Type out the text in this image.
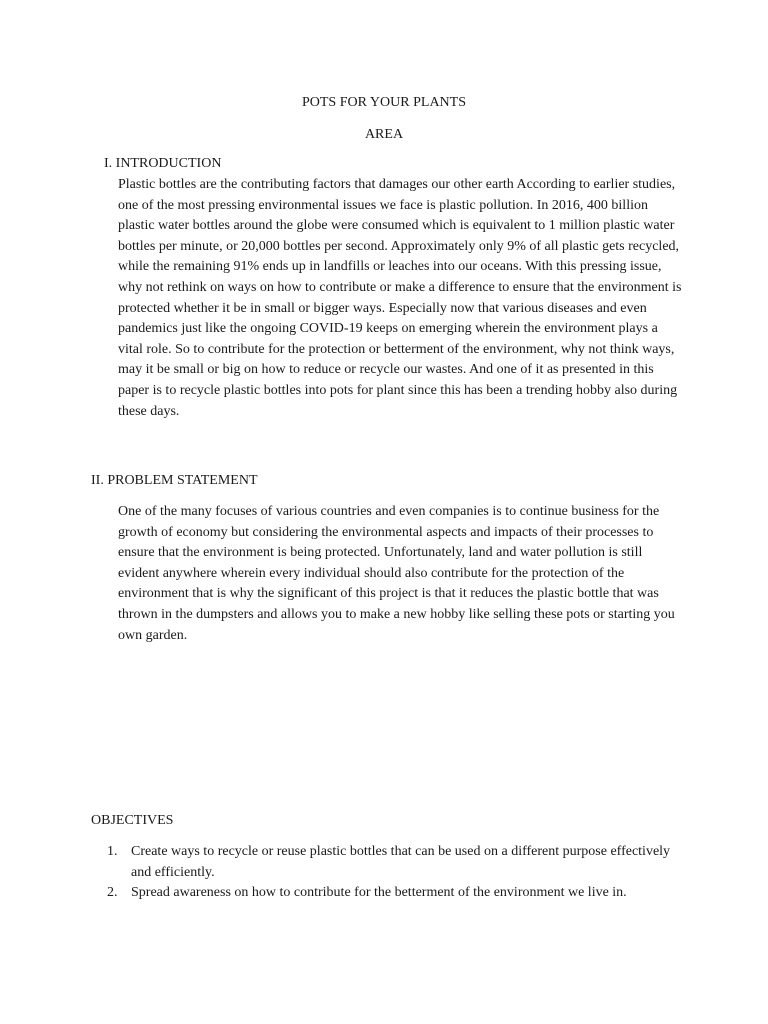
POTS FOR YOUR PLANTS
AREA
I. INTRODUCTION

Plastic bottles are the contributing factors that damages our other earth According to earlier studies, one of the most pressing environmental issues we face is plastic pollution. In 2016, 400 billion plastic water bottles around the globe were consumed which is equivalent to 1 million plastic water bottles per minute, or 20,000 bottles per second. Approximately only 9% of all plastic gets recycled, while the remaining 91% ends up in landfills or leaches into our oceans. With this pressing issue, why not rethink on ways on how to contribute or make a difference to ensure that the environment is protected whether it be in small or bigger ways. Especially now that various diseases and even pandemics just like the ongoing COVID-19 keeps on emerging wherein the environment plays a vital role. So to contribute for the protection or betterment of the environment, why not think ways, may it be small or big on how to reduce or recycle our wastes. And one of it as presented in this paper is to recycle plastic bottles into pots for plant since this has been a trending hobby also during these days.

II. PROBLEM STATEMENT

One of the many focuses of various countries and even companies is to continue business for the growth of economy but considering the environmental aspects and impacts of their processes to ensure that the environment is being protected. Unfortunately, land and water pollution is still evident anywhere wherein every individual should also contribute for the protection of the environment that is why the significant of this project is that it reduces the plastic bottle that was thrown in the dumpsters and allows you to make a new hobby like selling these pots or starting you own garden.

OBJECTIVES
1. Create ways to recycle or reuse plastic bottles that can be used on a different purpose effectively and efficiently.
2. Spread awareness on how to contribute for the betterment of the environment we live in.
